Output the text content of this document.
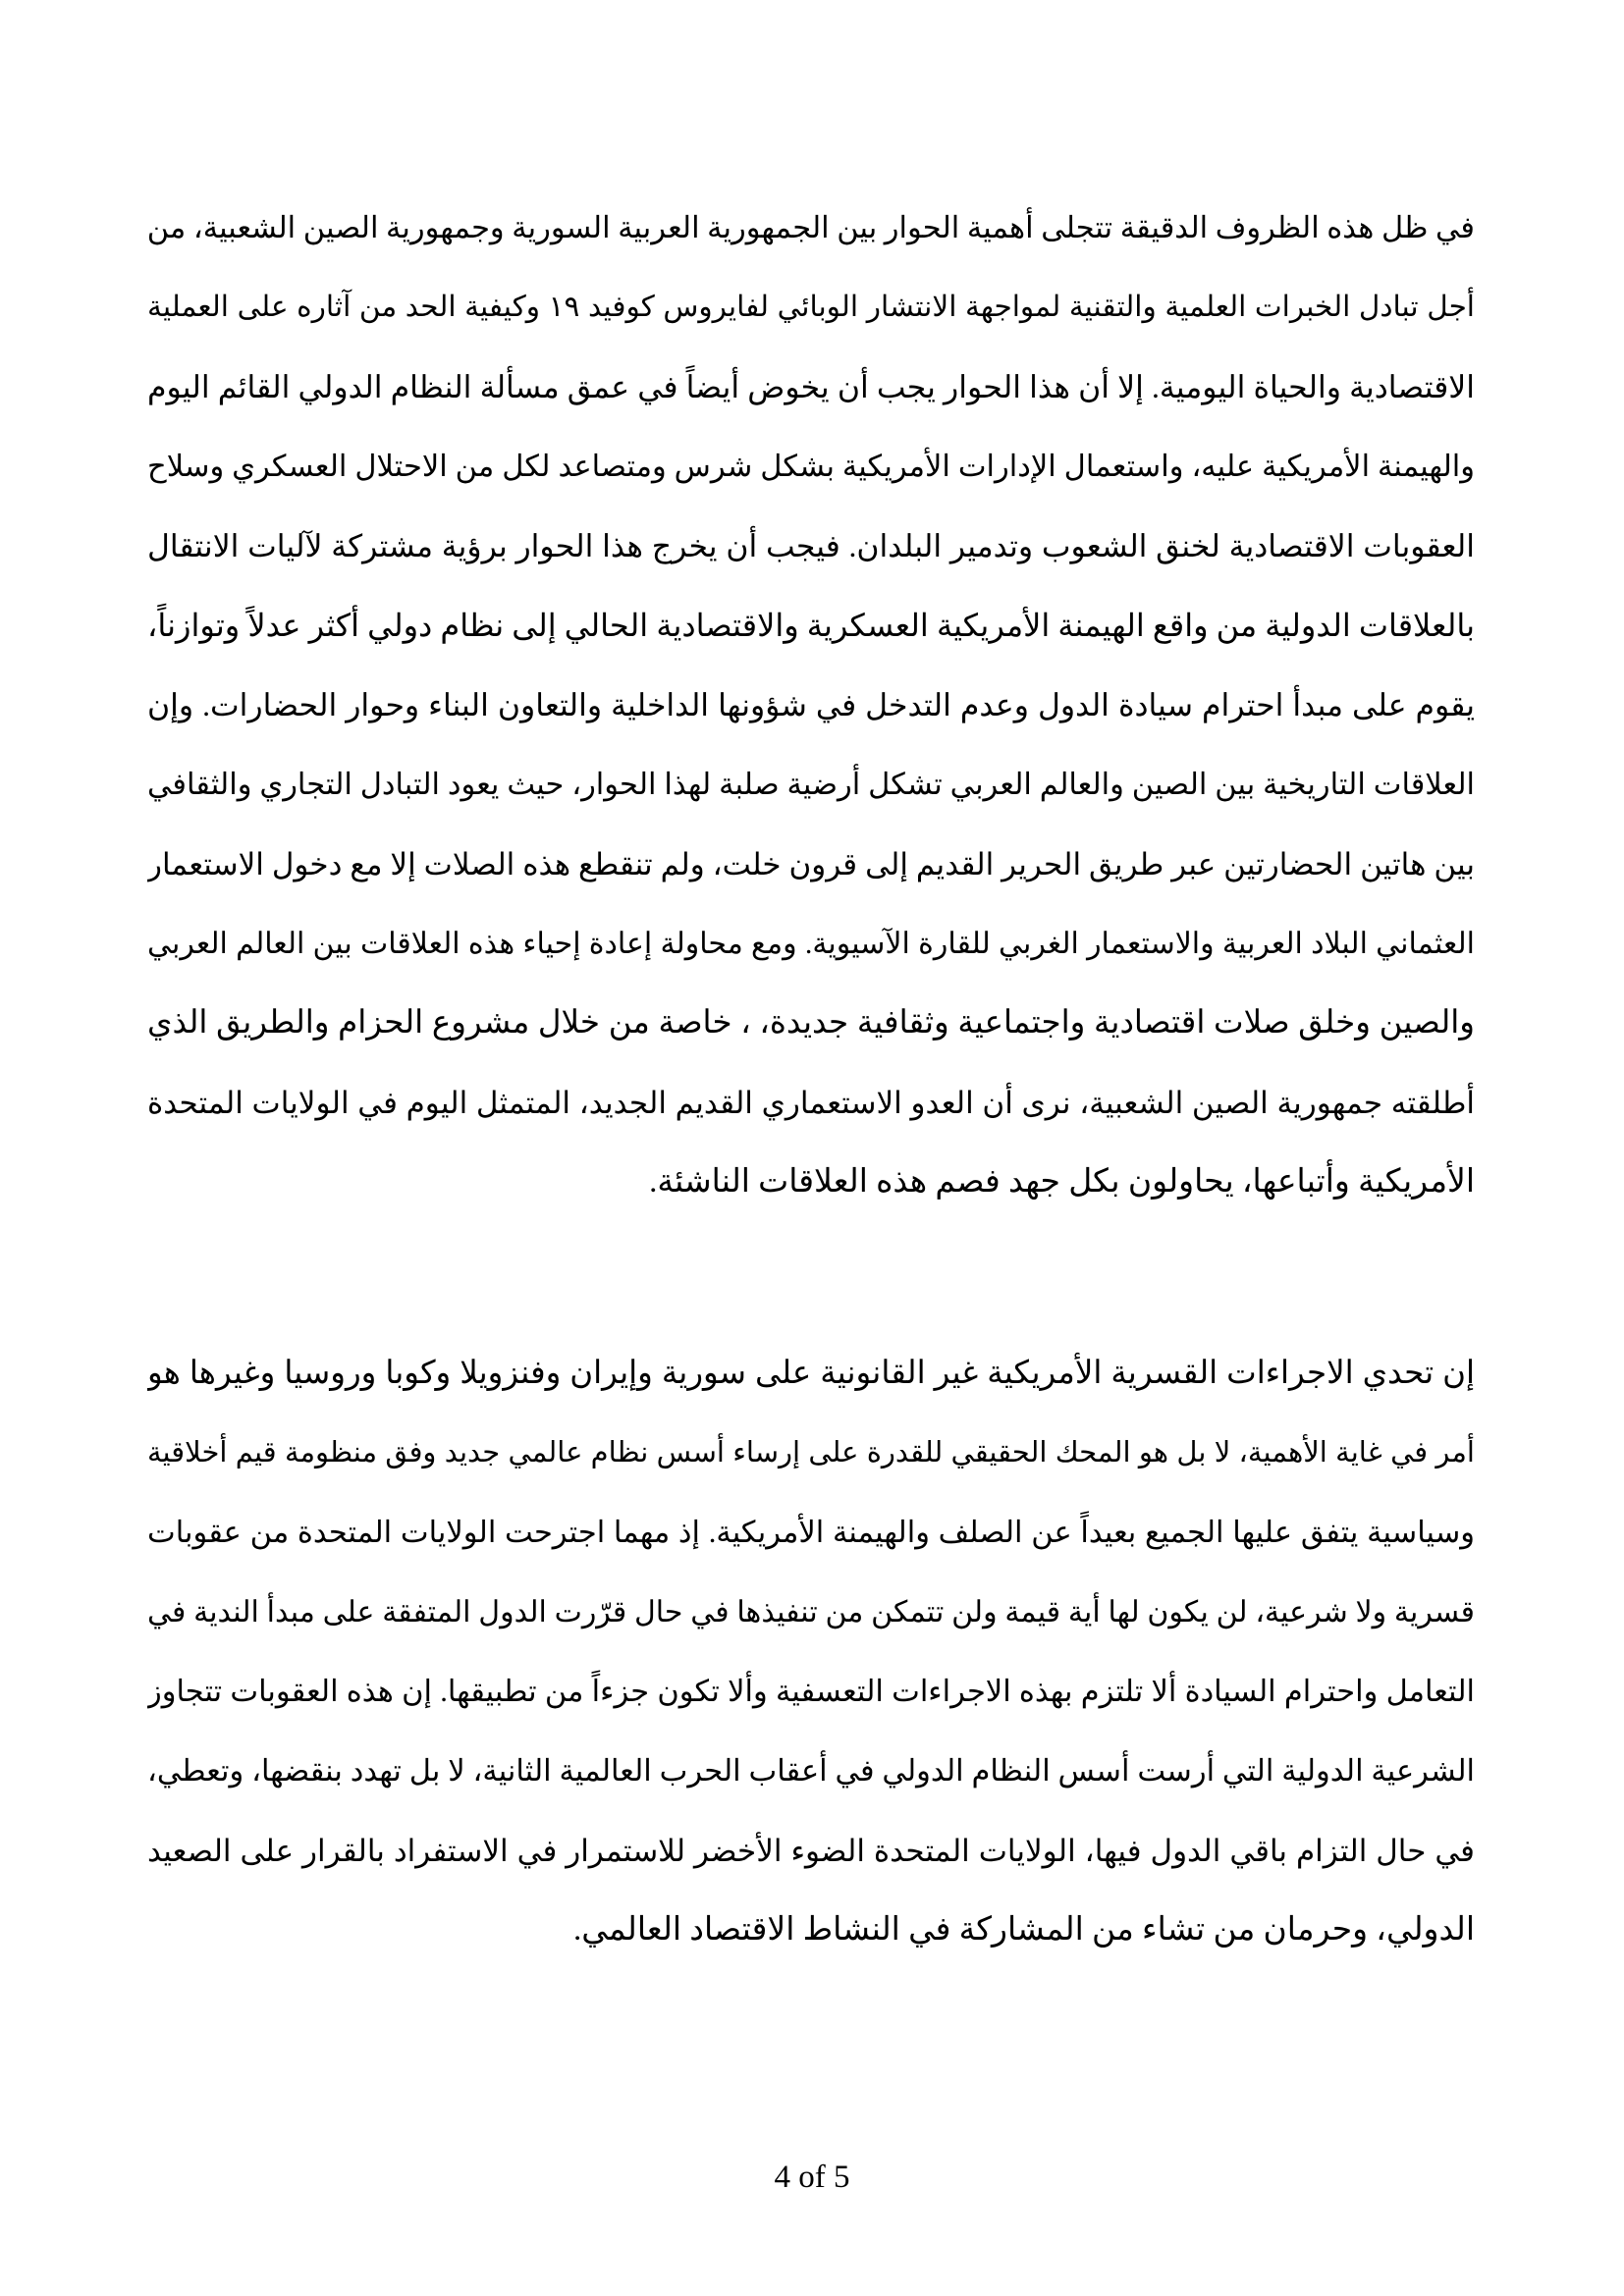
في ظل هذه الظروف الدقيقة تتجلى أهمية الحوار بين الجمهورية العربية السورية وجمهورية الصين الشعبية، من
أجل تبادل الخبرات العلمية والتقنية لمواجهة الانتشار الوبائي لفايروس كوفيد ١٩ وكيفية الحد من آثاره على العملية
الاقتصادية والحياة اليومية. إلا أن هذا الحوار يجب أن يخوض أيضاً في عمق مسألة النظام الدولي القائم اليوم
والهيمنة الأمريكية عليه، واستعمال الإدارات الأمريكية بشكل شرس ومتصاعد لكل من الاحتلال العسكري وسلاح
العقوبات الاقتصادية لخنق الشعوب وتدمير البلدان. فيجب أن يخرج هذا الحوار برؤية مشتركة لآليات الانتقال
بالعلاقات الدولية من واقع الهيمنة الأمريكية العسكرية والاقتصادية الحالي إلى نظام دولي أكثر عدلاً وتوازناً،
يقوم على مبدأ احترام سيادة الدول وعدم التدخل في شؤونها الداخلية والتعاون البناء وحوار الحضارات. وإن
العلاقات التاريخية بين الصين والعالم العربي تشكل أرضية صلبة لهذا الحوار، حيث يعود التبادل التجاري والثقافي
بين هاتين الحضارتين عبر طريق الحرير القديم إلى قرون خلت، ولم تنقطع هذه الصلات إلا مع دخول الاستعمار
العثماني البلاد العربية والاستعمار الغربي للقارة الآسيوية. ومع محاولة إعادة إحياء هذه العلاقات بين العالم العربي
والصين وخلق صلات اقتصادية واجتماعية وثقافية جديدة، ، خاصة من خلال مشروع الحزام والطريق الذي
أطلقته جمهورية الصين الشعبية، نرى أن العدو الاستعماري القديم الجديد، المتمثل اليوم في الولايات المتحدة
الأمريكية وأتباعها، يحاولون بكل جهد فصم هذه العلاقات الناشئة.
إن تحدي الاجراءات القسرية الأمريكية غير القانونية على سورية وإيران وفنزويلا وكوبا وروسيا وغيرها هو
أمر في غاية الأهمية، لا بل هو المحك الحقيقي للقدرة على إرساء أسس نظام عالمي جديد وفق منظومة قيم أخلاقية
وسياسية يتفق عليها الجميع بعيداً عن الصلف والهيمنة الأمريكية. إذ مهما اجترحت الولايات المتحدة من عقوبات
قسرية ولا شرعية، لن يكون لها أية قيمة ولن تتمكن من تنفيذها في حال قرّرت الدول المتفقة على مبدأ الندية في
التعامل واحترام السيادة ألا تلتزم بهذه الاجراءات التعسفية وألا تكون جزءاً من تطبيقها. إن هذه العقوبات تتجاوز
الشرعية الدولية التي أرست أسس النظام الدولي في أعقاب الحرب العالمية الثانية، لا بل تهدد بنقضها، وتعطي،
في حال التزام باقي الدول فيها، الولايات المتحدة الضوء الأخضر للاستمرار في الاستفراد بالقرار على الصعيد
الدولي، وحرمان من تشاء من المشاركة في النشاط الاقتصاد العالمي.
4 of 5
